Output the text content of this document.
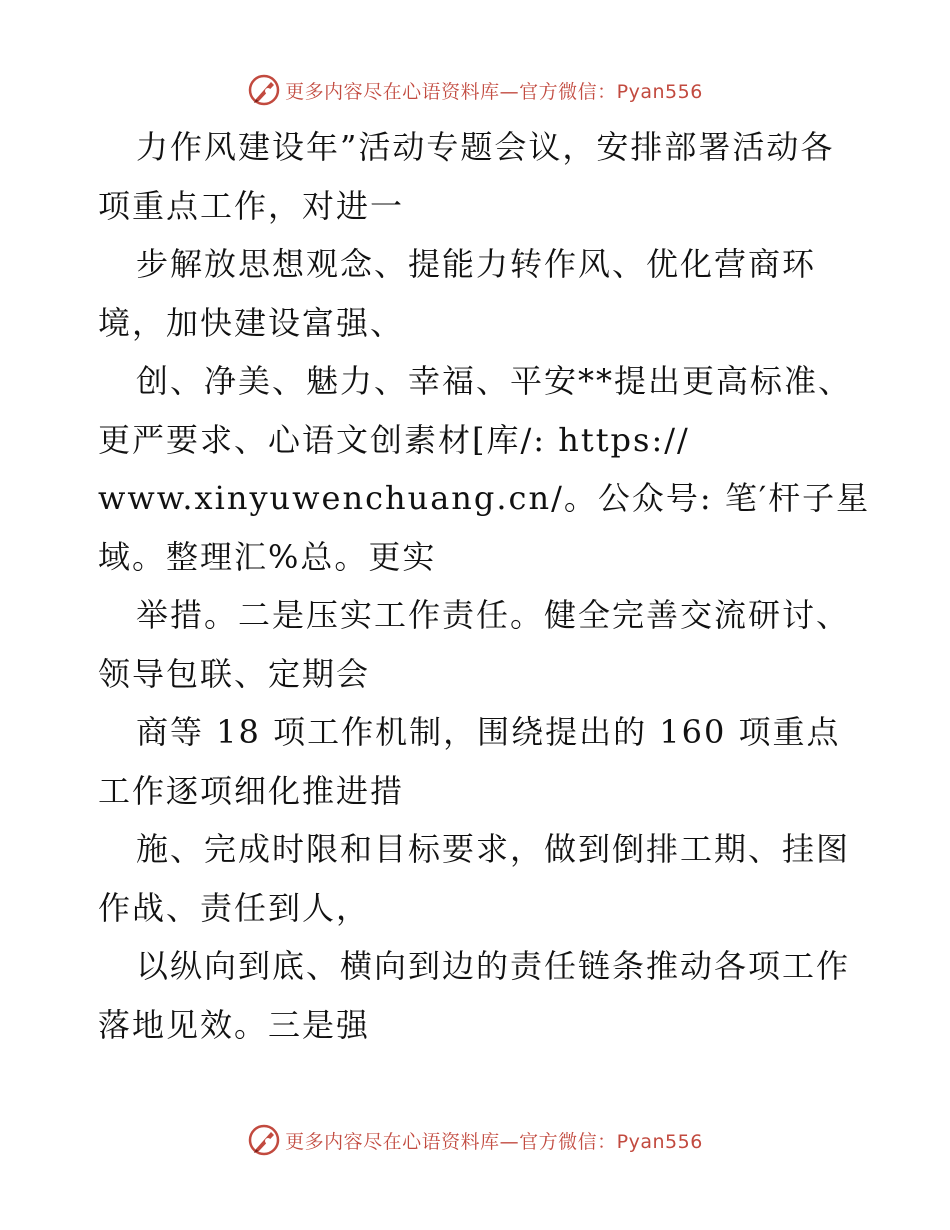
更多内容尽在心语资料库—官方微信：Pyan556
力作风建设年”活动专题会议，安排部署活动各
项重点工作，对进一
步解放思想观念、提能力转作风、优化营商环
境，加快建设富强、
创、净美、魅力、幸福、平安**提出更高标准、
更严要求、心语文创素材[库/: https://
www.xinyuwenchuang.cn/。公众号: 笔′杆子星
域。整理汇%总。更实
举措。二是压实工作责任。健全完善交流研讨、
领导包联、定期会
商等 18 项工作机制，围绕提出的 160 项重点
工作逐项细化推进措
施、完成时限和目标要求，做到倒排工期、挂图
作战、责任到人，
以纵向到底、横向到边的责任链条推动各项工作
落地见效。三是强
更多内容尽在心语资料库—官方微信：Pyan556
